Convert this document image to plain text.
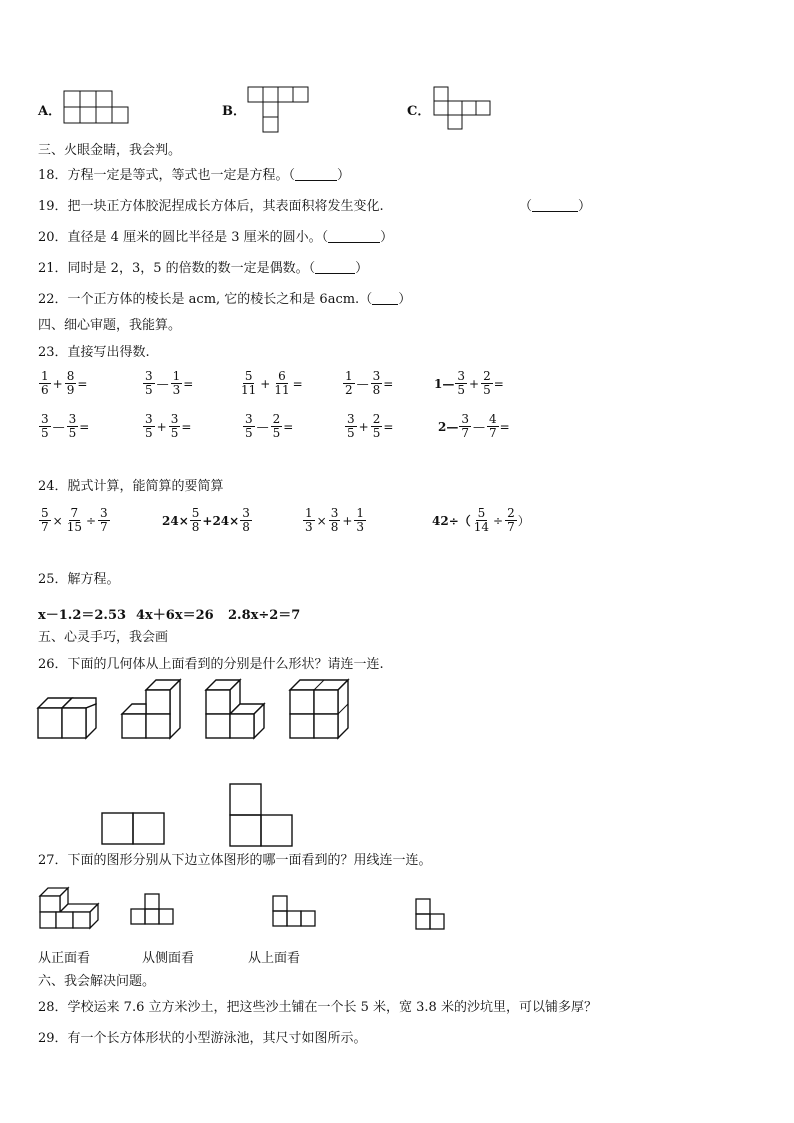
A．	B．	C．
三、火眼金睛，我会判。
18．方程一定是等式，等式也一定是方程。（	）
19．把一块正方体胶泥捏成长方体后，其表面积将发生变化.	（	）
20．直径是 4 厘米的圆比半径是 3 厘米的圆小。（	）
21．同时是 2，3，5 的倍数的数一定是偶数。（	）
22．一个正方体的棱长是 acm, 它的棱长之和是 6acm.（ ）
四、细心审题，我能算。
23．直接写出得数.
$\frac{1}{6} + \frac{8}{9}$ =	$\frac{3}{5}$ — $\frac{1}{3}$ =	$\frac{5}{11} + \frac{6}{11}$ =	$\frac{1}{2}$ — $\frac{3}{8}$ =	1— $\frac{3}{5} + \frac{2}{5}$ =
$\frac{3}{5}$ — $\frac{3}{5}$ =	$\frac{3}{5} + \frac{3}{5}$ =	$\frac{3}{5}$ — $\frac{2}{5}$ =	$\frac{3}{5} + \frac{2}{5}$ =	2— $\frac{3}{7}$ — $\frac{4}{7}$ =
24．脱式计算，能简算的要简算
$\frac{5}{7} \times \frac{7}{15} \div \frac{3}{7}$	$24\times \frac{5}{8} +24\times \frac{3}{8}$	$\frac{1}{3} \times \frac{3}{8} + \frac{1}{3}$	$42\div( \frac{5}{14} \div \frac{2}{7}$ ）
25．解方程。
x－1.2＝2.53 4x＋6x＝26 2.8x÷2＝7
五、心灵手巧，我会画
26．下面的几何体从上面看到的分别是什么形状？请连一连.
27．下面的图形分别从下边立体图形的哪一面看到的？用线连一连。
从正面看	从侧面看	从上面看
六、我会解决问题。
28．学校运来 7.6 立方米沙土，把这些沙土铺在一个长 5 米，宽 3.8 米的沙坑里，可以铺多厚？
29．有一个长方体形状的小型游泳池，其尺寸如图所示。
